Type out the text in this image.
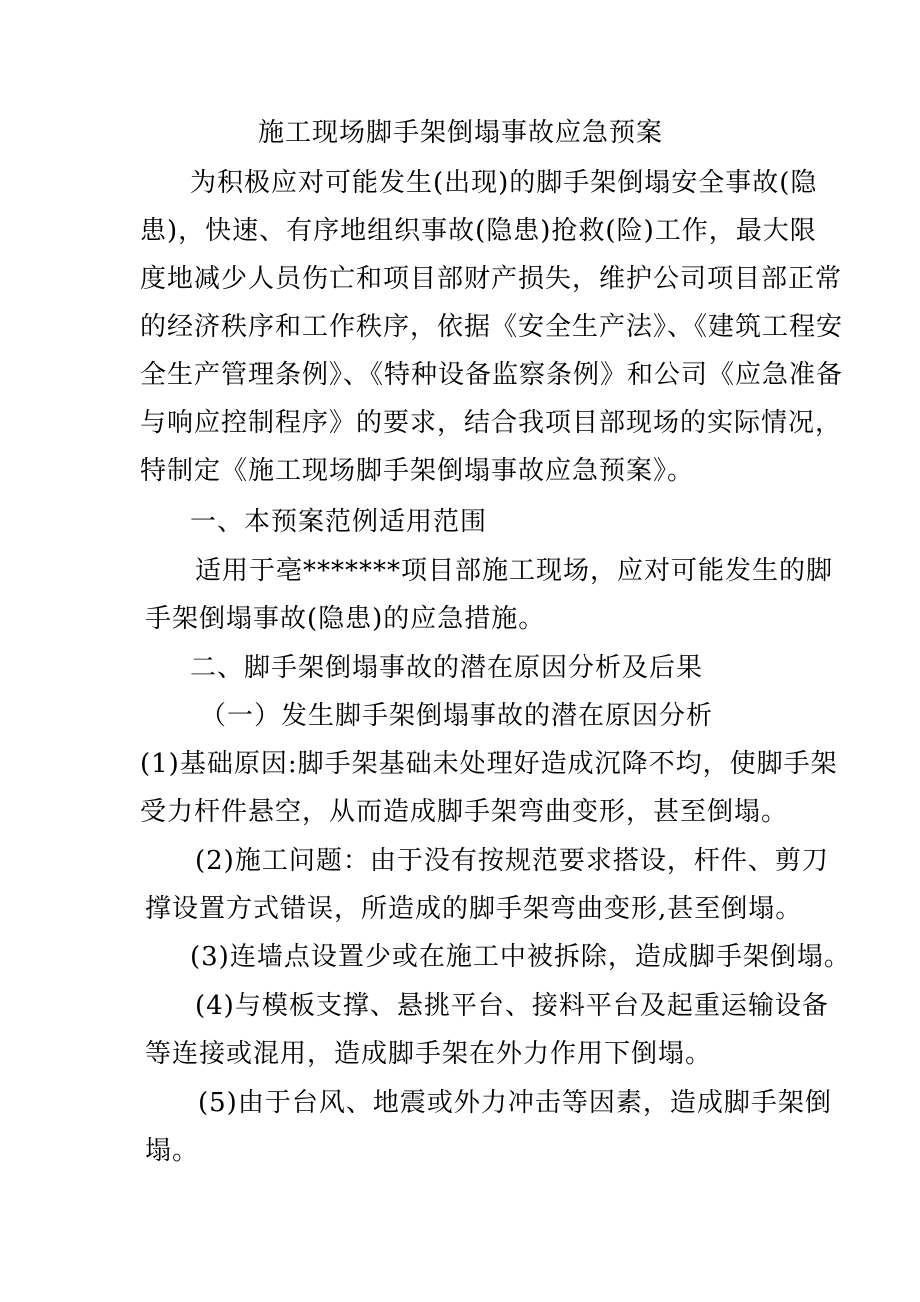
施工现场脚手架倒塌事故应急预案

为积极应对可能发生(出现)的脚手架倒塌安全事故(隐

患)，快速、有序地组织事故(隐患)抢救(险)工作，最大限

度地减少人员伤亡和项目部财产损失，维护公司项目部正常

的经济秩序和工作秩序，依据《安全生产法》、《建筑工程安

全生产管理条例》、《特种设备监察条例》和公司《应急准备

与响应控制程序》的要求，结合我项目部现场的实际情况，

特制定《施工现场脚手架倒塌事故应急预案》。

一、本预案范例适用范围

适用于亳*******项目部施工现场，应对可能发生的脚

手架倒塌事故(隐患)的应急措施。

二、脚手架倒塌事故的潜在原因分析及后果

（一）发生脚手架倒塌事故的潜在原因分析

(1)基础原因:脚手架基础未处理好造成沉降不均，使脚手架

受力杆件悬空，从而造成脚手架弯曲变形，甚至倒塌。

(2)施工问题：由于没有按规范要求搭设，杆件、剪刀

撑设置方式错误，所造成的脚手架弯曲变形,甚至倒塌。

(3)连墙点设置少或在施工中被拆除，造成脚手架倒塌。

(4)与模板支撑、悬挑平台、接料平台及起重运输设备

等连接或混用，造成脚手架在外力作用下倒塌。

(5)由于台风、地震或外力冲击等因素，造成脚手架倒

塌。
